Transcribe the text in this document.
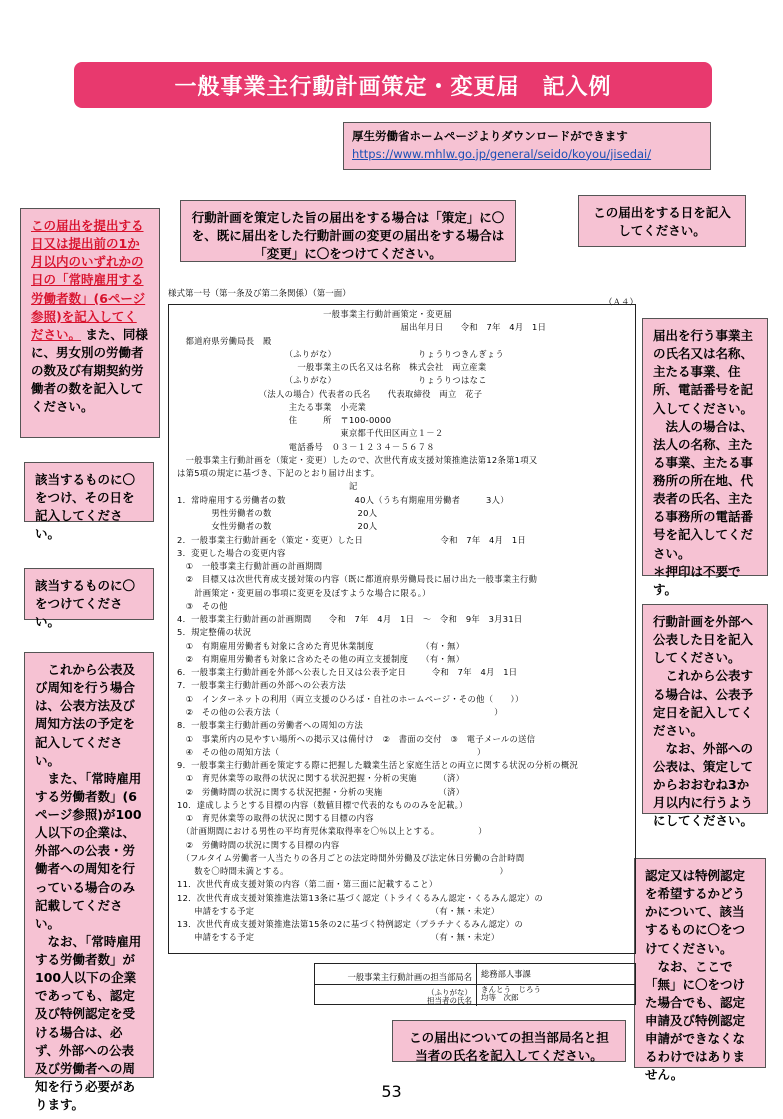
一般事業主行動計画策定・変更届　記入例
厚生労働省ホームページよりダウンロードができます
https://www.mhlw.go.jp/general/seido/koyou/jisedai/
この届出を提出する日又は提出前の1か月以内のいずれかの日の「常時雇用する労働者数」(6ページ参照)を記入してください。 また、同様に、男女別の労働者の数及び有期契約労働者の数を記入してください。
行動計画を策定した旨の届出をする場合は「策定」に〇を、既に届出をした行動計画の変更の届出をする場合は「変更」に〇をつけてください。
この届出をする日を記入してください。
届出を行う事業主の氏名又は名称、主たる事業、住所、電話番号を記入してください。
　法人の場合は、法人の名称、主たる事業、主たる事務所の所在地、代表者の氏名、主たる事務所の電話番号を記入してください。
＊押印は不要です。
該当するものに〇をつけ、その日を記入してください。
該当するものに〇をつけてください。
　これから公表及び周知を行う場合は、公表方法及び周知方法の予定を記入してください。
　また、「常時雇用する労働者数」(6ページ参照)が100人以下の企業は、外部への公表・労働者への周知を行っている場合のみ記載してください。
　なお、「常時雇用する労働者数」が100人以下の企業であっても、認定及び特例認定を受ける場合は、必ず、外部への公表及び労働者への周知を行う必要があります。
行動計画を外部へ公表した日を記入してください。
　これから公表する場合は、公表予定日を記入してください。
　なお、外部への公表は、策定してからおおむね3か月以内に行うようにしてください。
認定又は特例認定を希望するかどうかについて、該当するものに〇をつけてください。
　なお、ここで「無」に〇をつけた場合でも、認定申請及び特例認定申請ができなくなるわけではありません。
この届出についての担当部局名と担当者の氏名を記入してください。
様式第一号（第一条及び第二条関係）（第一面）
（Ａ４）
　　　　　　　　　　　　　　　　　一般事業主行動計画策定・変更届
　　　　　　　　　　　　　　　　　　　　　　　　　　届出年月日　　令和　7年　4月　1日
　都道府県労働局長　殿
　　　　　　　　　　　　　（ふりがな）　　　　　　　　　　りょうりつきんぎょう
　　　　　　　　　　　　　　一般事業主の氏名又は名称　株式会社　両立産業
　　　　　　　　　　　　　（ふりがな）　　　　　　　　　　りょうりつはなこ
　　　　　　　　　　（法人の場合）代表者の氏名　　代表取締役　両立　花子
　　　　　　　　　　　　　主たる事業　小売業
　　　　　　　　　　　　　住　　　所　〒100-0000
　　　　　　　　　　　　　　　　　　　東京都千代田区両立１－２
　　　　　　　　　　　　　電話番号　０３－１２３４－５６７８
　一般事業主行動計画を（策定・変更）したので、次世代育成支援対策推進法第12条第1項又
は第5項の規定に基づき、下記のとおり届け出ます。
　　　　　　　　　　　　　　　　　　　　記
1．常時雇用する労働者の数　　　　　　　　40人（うち有期雇用労働者　　　3人）
　　　　男性労働者の数　　　　　　　　　　20人
　　　　女性労働者の数　　　　　　　　　　20人
2．一般事業主行動計画を（策定・変更）した日　　　　　　　　　令和　7年　4月　1日
3．変更した場合の変更内容
　①　一般事業主行動計画の計画期間
　②　目標又は次世代育成支援対策の内容（既に都道府県労働局長に届け出た一般事業主行動
　　計画策定・変更届の事項に変更を及ぼすような場合に限る。）
　③　その他
4．一般事業主行動計画の計画期間　　令和　7年　4月　1日　～　令和　9年　3月31日
5．規定整備の状況
　①　有期雇用労働者も対象に含めた育児休業制度　　　　　　（有・無）
　②　有期雇用労働者も対象に含めたその他の両立支援制度　　（有・無）
6．一般事業主行動計画を外部へ公表した日又は公表予定日　　　令和　7年　4月　1日
7．一般事業主行動計画の外部への公表方法
　①　インターネットの利用（両立支援のひろば・自社のホームページ・その他（　　））
　②　その他の公表方法（　　　　　　　　　　　　　　　　　　　　　　　　　）
8．一般事業主行動計画の労働者への周知の方法
　①　事業所内の見やすい場所への掲示又は備付け　②　書面の交付　③　電子メールの送信
　④　その他の周知方法（　　　　　　　　　　　　　　　　　　　　　　　）
9．一般事業主行動計画を策定する際に把握した職業生活と家庭生活との両立に関する状況の分析の概況
　①　育児休業等の取得の状況に関する状況把握・分析の実施　　　（済）
　②　労働時間の状況に関する状況把握・分析の実施　　　　　　　（済）
10．達成しようとする目標の内容（数値目標で代表的なもののみを記載。）
　①　育児休業等の取得の状況に関する目標の内容
　（計画期間における男性の平均育児休業取得率を〇％以上とする。　　　　　）
　②　労働時間の状況に関する目標の内容
　（フルタイム労働者一人当たりの各月ごとの法定時間外労働及び法定休日労働の合計時間
　　数を〇時間未満とする。　　　　　　　　　　　　　　　　　　　　　　　　　）
11．次世代育成支援対策の内容（第二面・第三面に記載すること）
12．次世代育成支援対策推進法第13条に基づく認定（トライくるみん認定・くるみん認定）の
　　申請をする予定　　　　　　　　　　　　　　　　　　　　　（有・無・未定）
13．次世代育成支援対策推進法第15条の2に基づく特例認定（プラチナくるみん認定）の
　　申請をする予定　　　　　　　　　　　　　　　　　　　　　（有・無・未定）
一般事業主行動計画の担当部局名	総務部人事課
（ふりがな）
担当者の氏名
きんとう　じろう
均等　次郎
53
